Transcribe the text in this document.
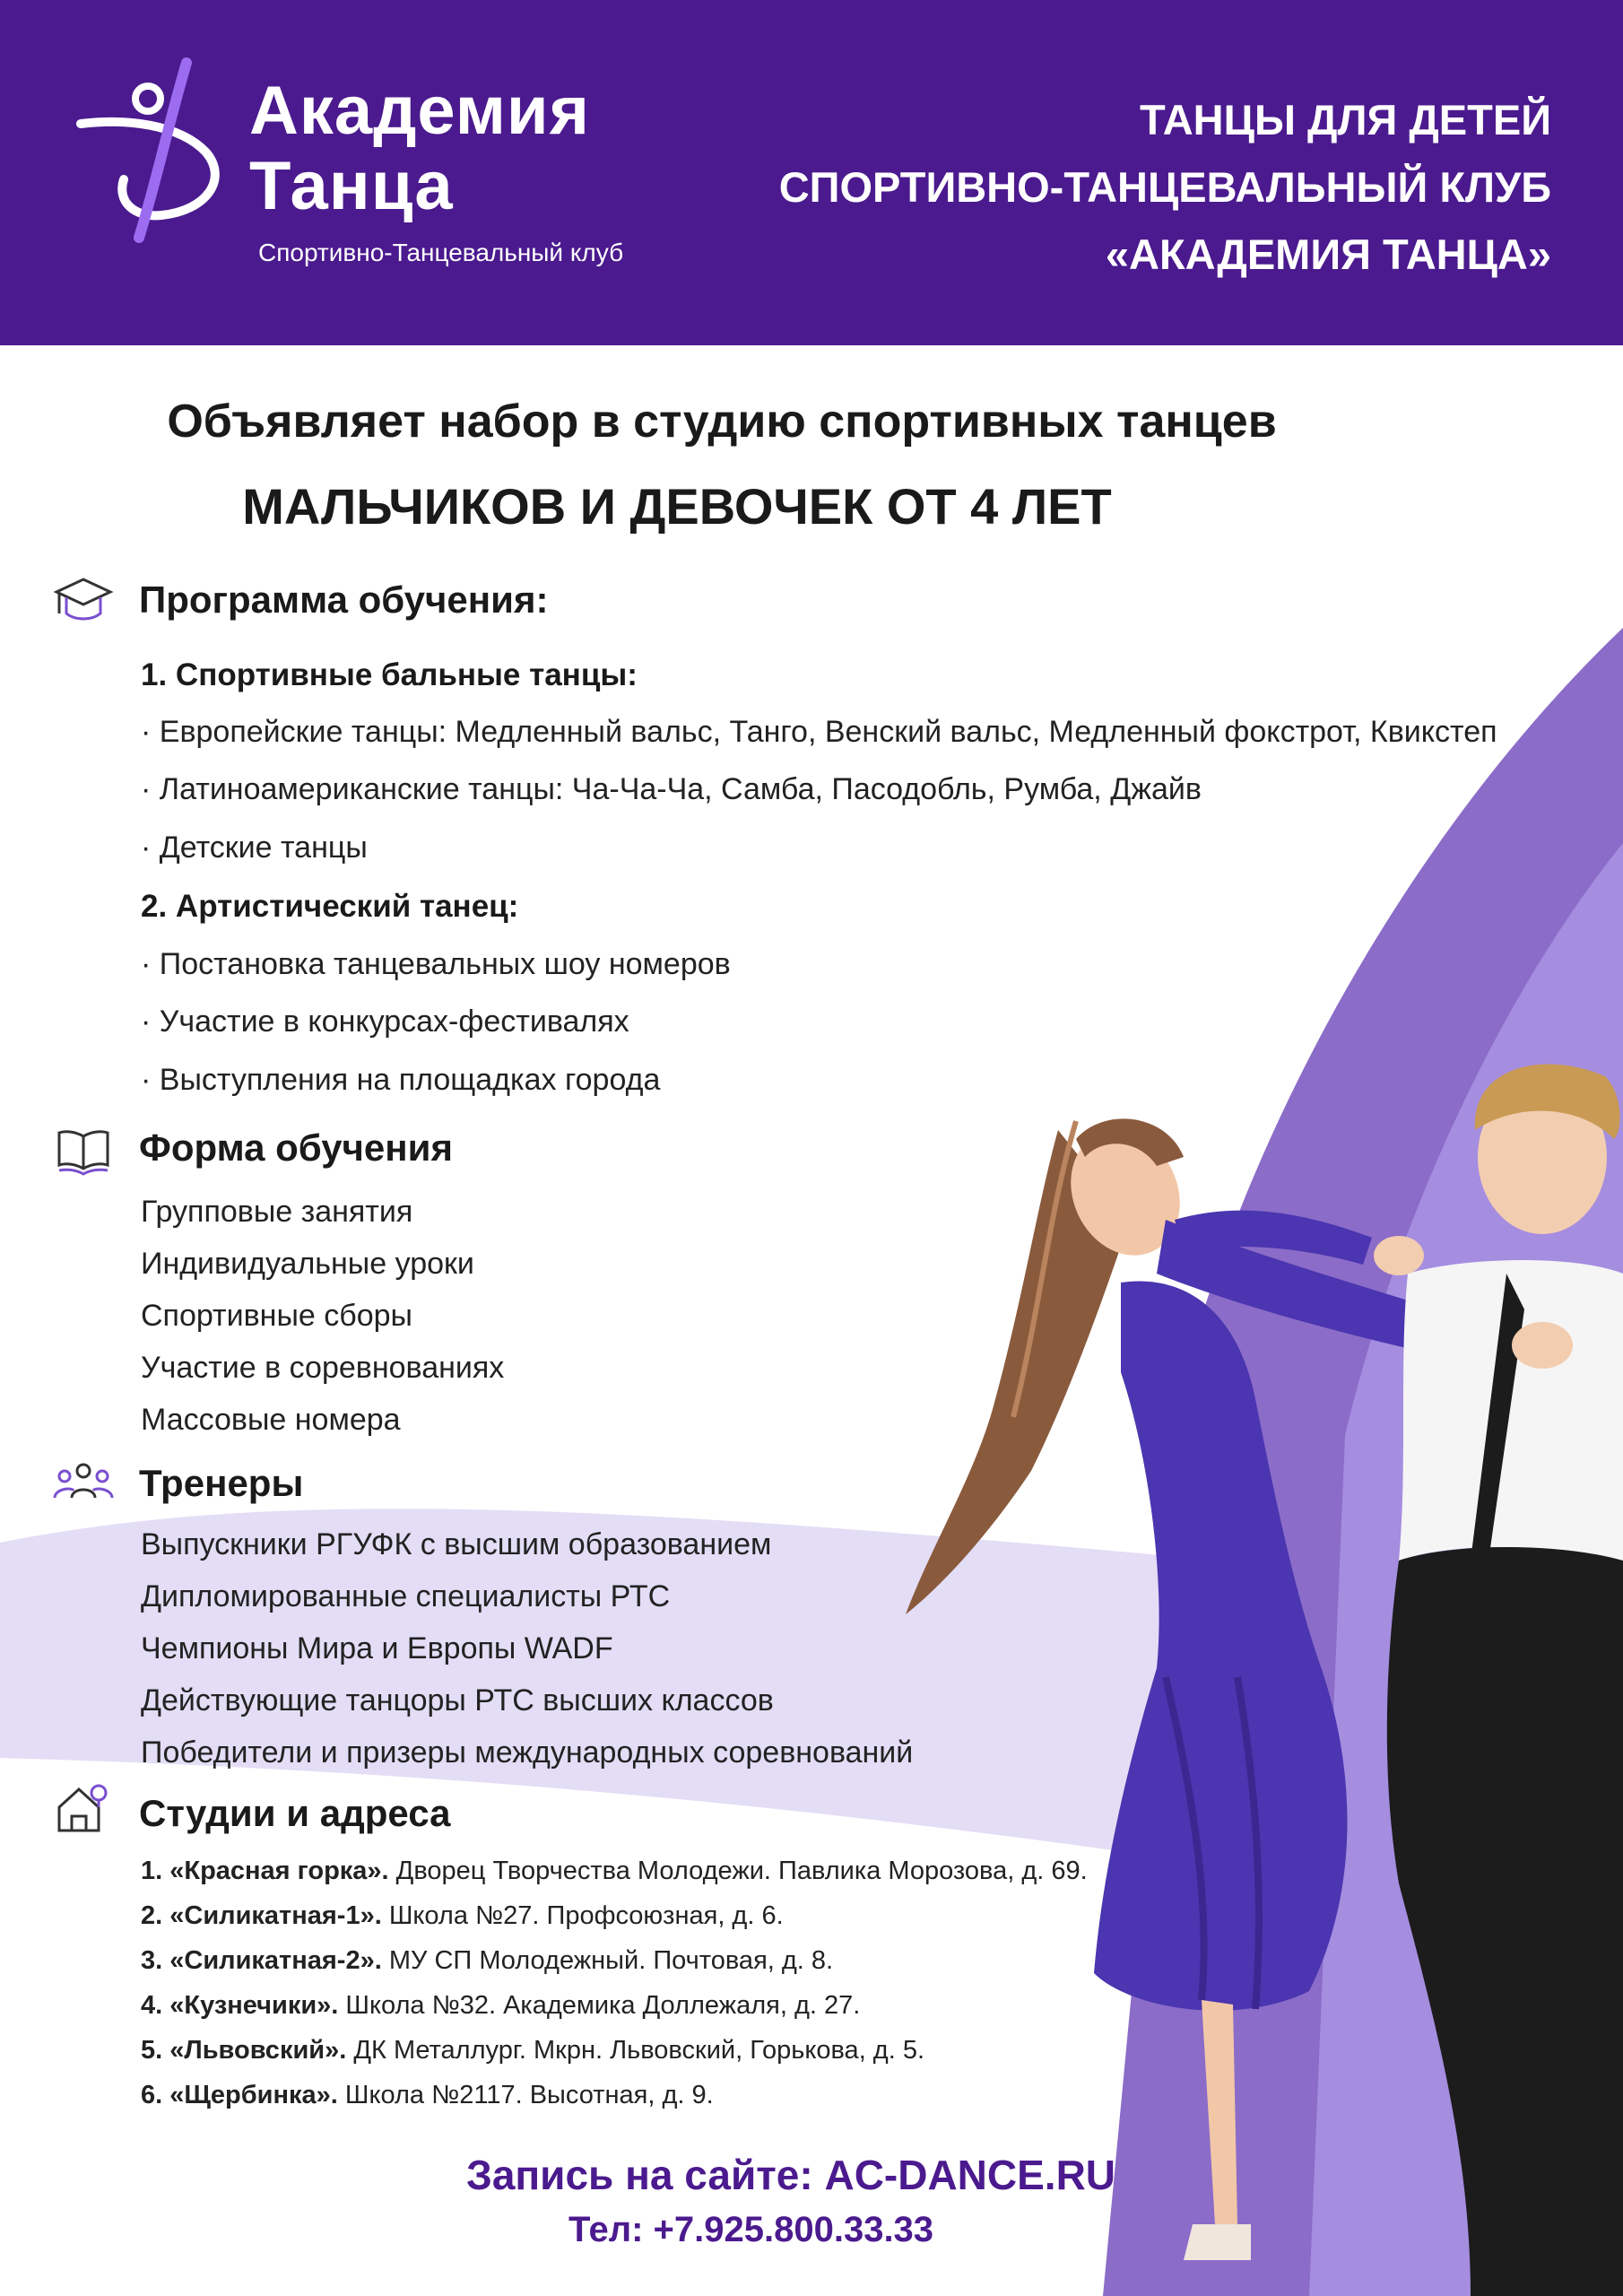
Академия
Танца
Спортивно-Танцевальный клуб
ТАНЦЫ ДЛЯ ДЕТЕЙ
СПОРТИВНО-ТАНЦЕВАЛЬНЫЙ КЛУБ
«АКАДЕМИЯ ТАНЦА»
Объявляет набор в студию спортивных танцев
МАЛЬЧИКОВ И ДЕВОЧЕК ОТ 4 ЛЕТ
Программа обучения:
1. Спортивные бальные танцы:
· Европейские танцы: Медленный вальс, Танго, Венский вальс, Медленный фокстрот, Квикстеп
· Латиноамериканские танцы: Ча-Ча-Ча, Самба, Пасодобль, Румба, Джайв
· Детские танцы
2. Артистический танец:
· Постановка танцевальных шоу номеров
· Участие в конкурсах-фестивалях
· Выступления на площадках города
Форма обучения
Групповые занятия
Индивидуальные уроки
Спортивные сборы
Участие в соревнованиях
Массовые номера
Тренеры
Выпускники РГУФК с высшим образованием
Дипломированные специалисты РТС
Чемпионы Мира и Европы WADF
Действующие танцоры РТС высших классов
Победители и призеры международных соревнований
Студии и адреса
1. «Красная горка». Дворец Творчества Молодежи. Павлика Морозова, д. 69.
2. «Силикатная-1». Школа №27. Профсоюзная, д. 6.
3. «Силикатная-2». МУ СП Молодежный. Почтовая, д. 8.
4. «Кузнечики». Школа №32. Академика Доллежаля, д. 27.
5. «Львовский». ДК Металлург. Мкрн. Львовский, Горькова, д. 5.
6. «Щербинка». Школа №2117. Высотная, д. 9.
Запись на сайте: AC-DANCE.RU
Тел: +7.925.800.33.33
